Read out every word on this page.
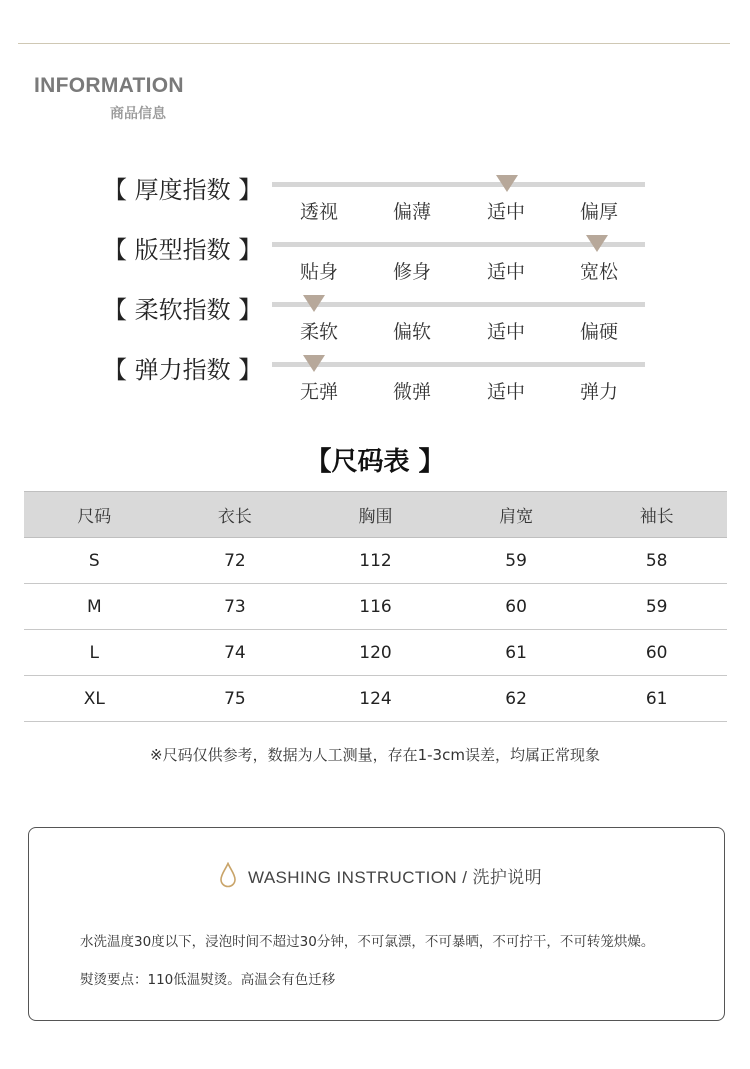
INFORMATION
商品信息
【 厚度指数 】
透视	偏薄	适中	偏厚
【 版型指数 】
贴身	修身	适中	宽松
【 柔软指数 】
柔软	偏软	适中	偏硬
【 弹力指数 】
无弹	微弹	适中	弹力
【尺码表 】
尺码	衣长	胸围	肩宽	袖长
S	72	112	59	58
M	73	116	60	59
L	74	120	61	60
XL	75	124	62	61
※尺码仅供参考，数据为人工测量，存在1-3cm误差，均属正常现象
WASHING INSTRUCTION / 洗护说明
水洗温度30度以下，浸泡时间不超过30分钟，不可氯漂，不可暴晒，不可拧干，不可转笼烘燥。
熨烫要点：110低温熨烫。高温会有色迁移
